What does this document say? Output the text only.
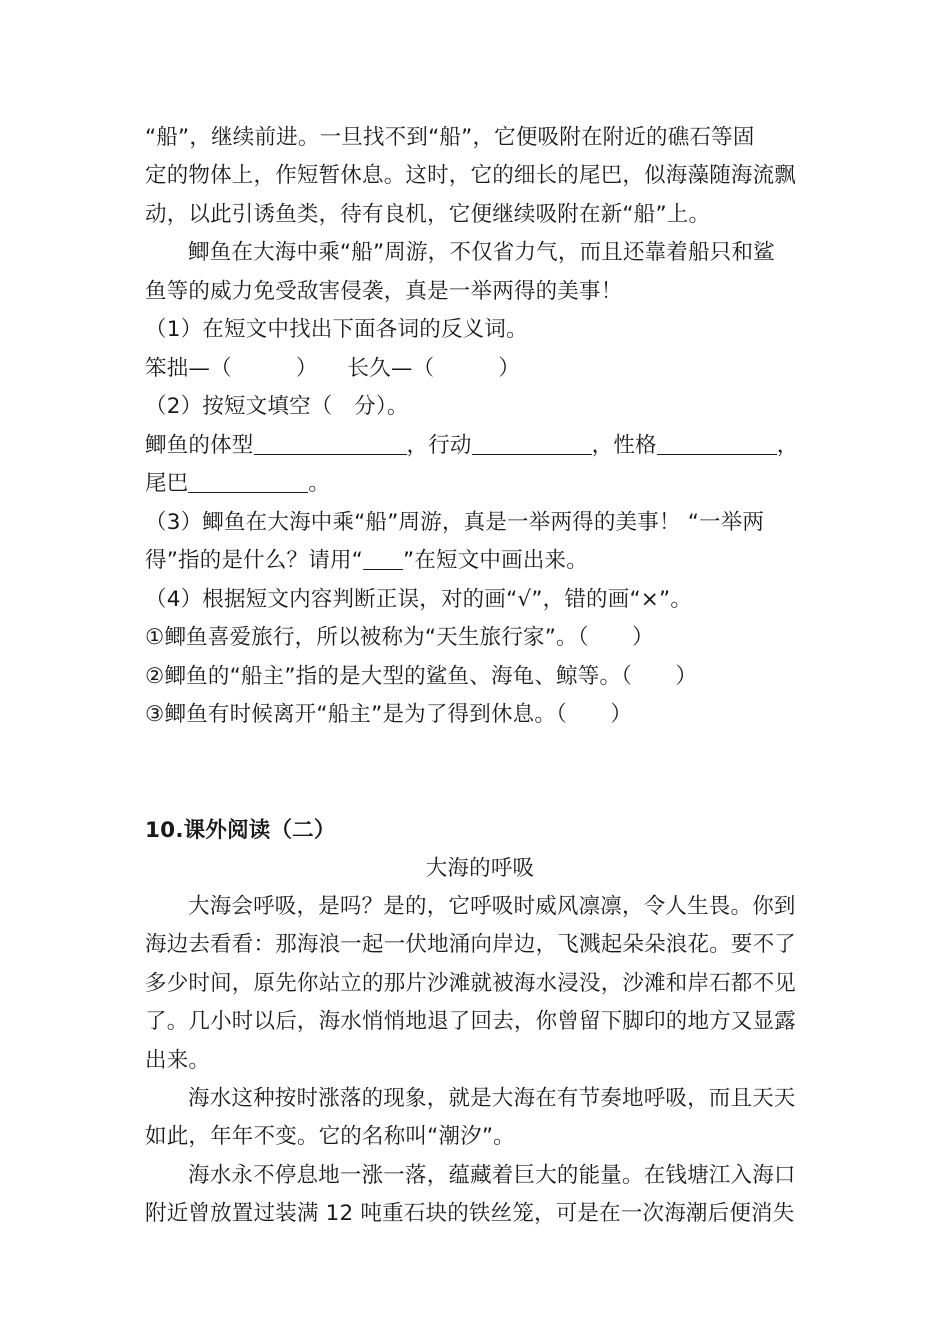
“船”，继续前进。一旦找不到“船”，它便吸附在附近的礁石等固
定的物体上，作短暂休息。这时，它的细长的尾巴，似海藻随海流飘
动，以此引诱鱼类，待有良机，它便继续吸附在新“船”上。
鲫鱼在大海中乘“船”周游，不仅省力气，而且还靠着船只和鲨
鱼等的威力免受敌害侵袭，真是一举两得的美事！
（1）在短文中找出下面各词的反义词。
笨拙—（	） 长久—（	）
（2）按短文填空（　分）。
鲫鱼的体型	，行动	，性格	，
尾巴	。
（3）鲫鱼在大海中乘“船”周游，真是一举两得的美事！ “一举两
得”指的是什么？请用“ ”在短文中画出来。
（4）根据短文内容判断正误，对的画“√”，错的画“×”。
①鲫鱼喜爱旅行，所以被称为“天生旅行家”。（　　）
②鲫鱼的“船主”指的是大型的鲨鱼、海龟、鲸等。（　　）
③鲫鱼有时候离开“船主”是为了得到休息。（　　）
10.课外阅读（二）
大海的呼吸
大海会呼吸，是吗？是的，它呼吸时威风凛凛，令人生畏。你到
海边去看看：那海浪一起一伏地涌向岸边，飞溅起朵朵浪花。要不了
多少时间，原先你站立的那片沙滩就被海水浸没，沙滩和岸石都不见
了。几小时以后，海水悄悄地退了回去，你曾留下脚印的地方又显露
出来。
海水这种按时涨落的现象，就是大海在有节奏地呼吸，而且天天
如此，年年不变。它的名称叫“潮汐”。
海水永不停息地一涨一落，蕴藏着巨大的能量。在钱塘江入海口
附近曾放置过装满 12 吨重石块的铁丝笼，可是在一次海潮后便消失
